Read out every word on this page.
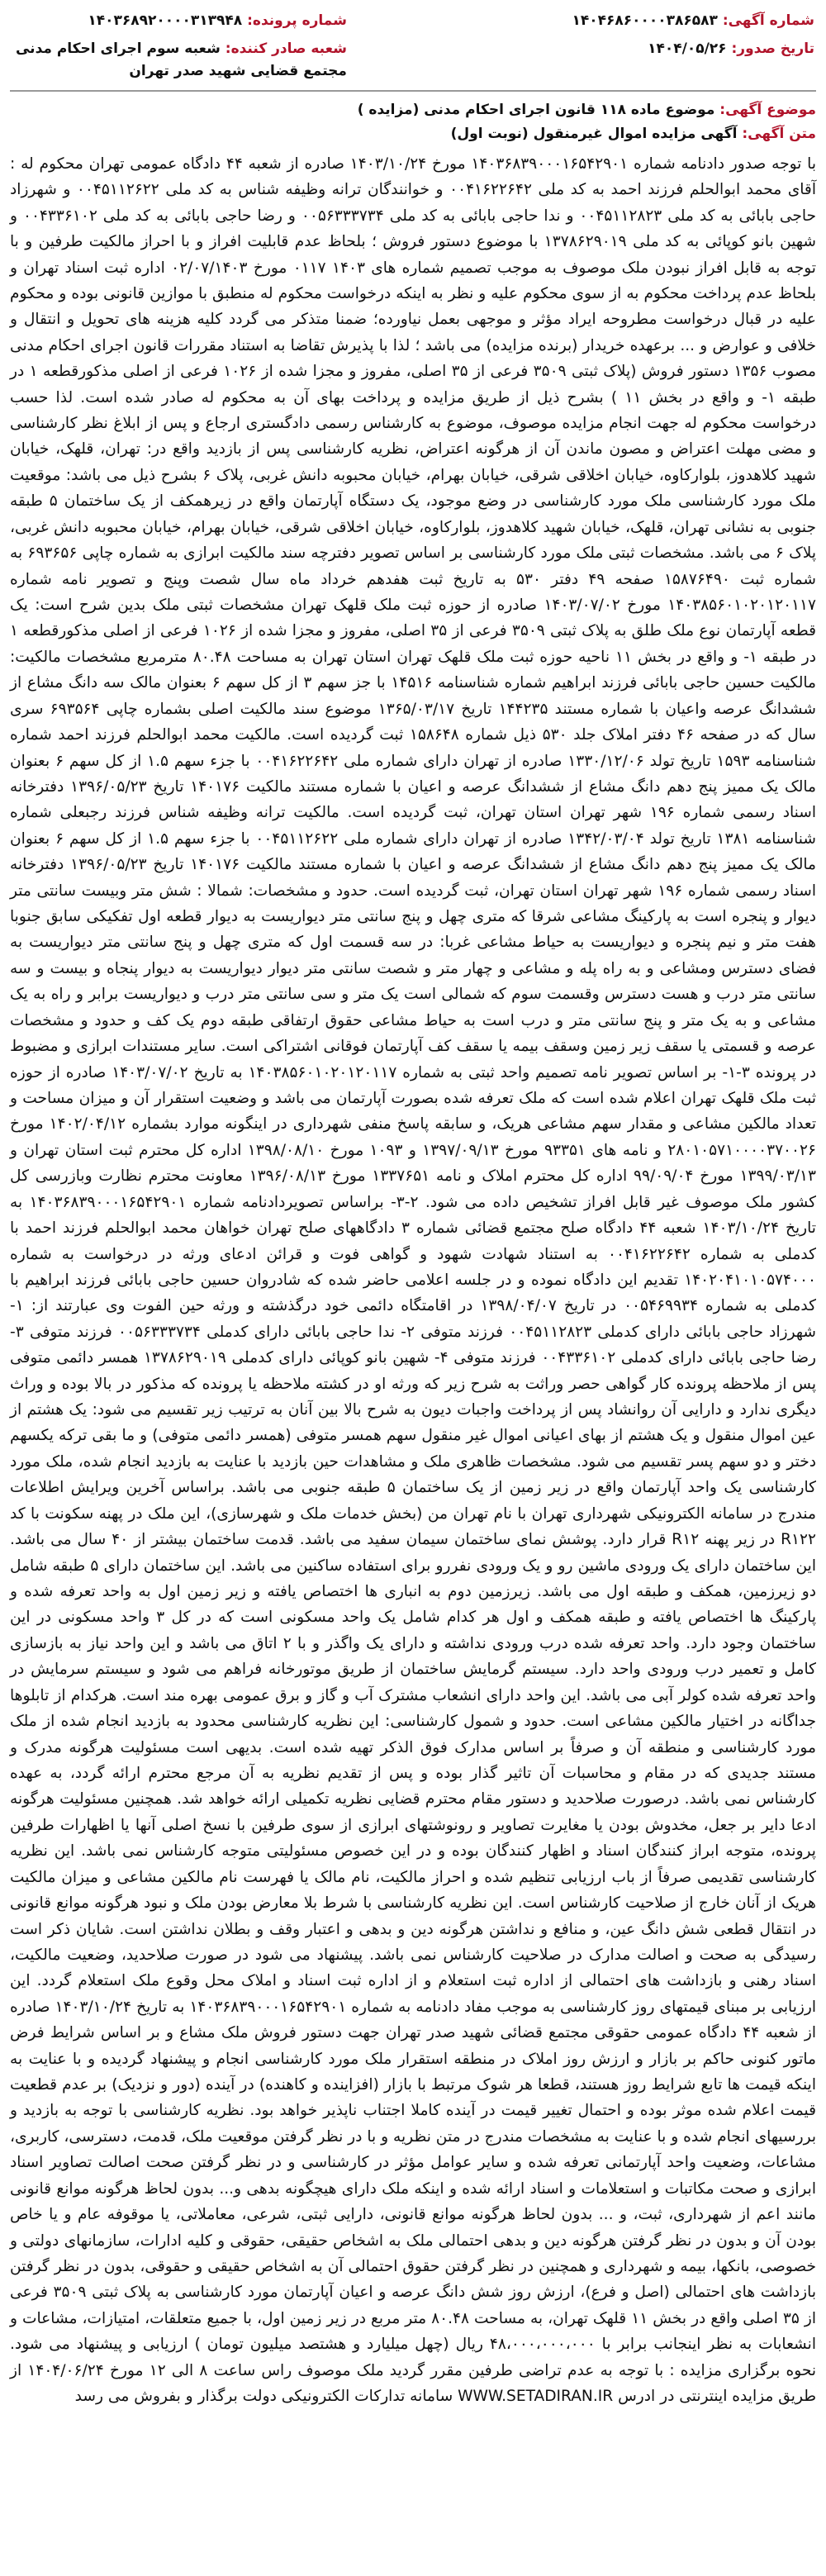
شماره آگهی: ۱۴۰۴۶۸۶۰۰۰۰۳۸۶۵۸۳	شماره پرونده: ۱۴۰۳۶۸۹۲۰۰۰۰۳۱۳۹۴۸
تاریخ صدور: ۱۴۰۴/۰۵/۲۶	شعبه صادر کننده: شعبه سوم اجرای احکام مدنی مجتمع قضایی شهید صدر تهران
موضوع آگهی: موضوع ماده ۱۱۸ قانون اجرای احکام مدنی (مزایده )
متن آگهی: آگهی مزایده اموال غیرمنقول (نوبت اول)
با توجه صدور دادنامه شماره ۱۴۰۳۶۸۳۹۰۰۰۱۶۵۴۲۹۰۱ مورخ ۱۴۰۳/۱۰/۲۴ صادره از شعبه ۴۴ دادگاه عمومی تهران محکوم له : آقای محمد ابوالحلم فرزند احمد به کد ملی ۰۰۴۱۶۲۲۶۴۲ و خوانندگان ترانه وظیفه شناس به کد ملی ۰۰۴۵۱۱۲۶۲۲ و شهرزاد حاجی بابائی به کد ملی ۰۰۴۵۱۱۲۸۲۳ و ندا حاجی بابائی به کد ملی ۰۰۵۶۳۳۳۷۳۴ و رضا حاجی بابائی به کد ملی ۰۰۴۳۳۶۱۰۲ و شهین بانو کوپائی به کد ملی ۱۳۷۸۶۲۹۰۱۹ با موضوع دستور فروش ؛ بلحاظ عدم قابلیت افراز و با احراز مالکیت طرفین و با توجه به قابل افراز نبودن ملک موصوف به موجب تصمیم شماره های ۱۴۰۳ ۰۱۱۷ مورخ ۰۲/۰۷/۱۴۰۳ اداره ثبت اسناد تهران و بلحاظ عدم پرداخت محکوم به از سوی محکوم علیه و نظر به اینکه درخواست محکوم له منطبق با موازین قانونی بوده و محکوم علیه در قبال درخواست مطروحه ایراد مؤثر و موجهی بعمل نیاورده؛ ضمنا متذکر می گردد کلیه هزینه های تحویل و انتقال و خلافی و عوارض و ... برعهده خریدار (برنده مزایده) می باشد ؛ لذا با پذیرش تقاضا به استناد مقررات قانون اجرای احکام مدنی مصوب ۱۳۵۶ دستور فروش (پلاک ثبتی ۳۵۰۹ فرعی از ۳۵ اصلی، مفروز و مجزا شده از ۱۰۲۶ فرعی از اصلی مذکورقطعه ۱ در طبقه ۱- و واقع در بخش ۱۱ ) بشرح ذیل از طریق مزایده و پرداخت بهای آن به محکوم له صادر شده است. لذا حسب درخواست محکوم له جهت انجام مزایده موصوف، موضوع به کارشناس رسمی دادگستری ارجاع و پس از ابلاغ نظر کارشناسی و مضی مهلت اعتراض و مصون ماندن آن از هرگونه اعتراض، نظریه کارشناسی پس از بازدید واقع در: تهران، قلهک، خیابان شهید کلاهدوز، بلوارکاوه، خیابان اخلاقی شرقی، خیابان بهرام، خیابان محبوبه دانش غربی، پلاک ۶ بشرح ذیل می باشد: موقعیت ملک مورد کارشناسی ملک مورد کارشناسی در وضع موجود، یک دستگاه آپارتمان واقع در زیرهمکف از یک ساختمان ۵ طبقه جنوبی به نشانی تهران، قلهک، خیابان شهید کلاهدوز، بلوارکاوه، خیابان اخلاقی شرقی، خیابان بهرام، خیابان محبوبه دانش غربی، پلاک ۶ می باشد. مشخصات ثبتی ملک مورد کارشناسی بر اساس تصویر دفترچه سند مالکیت ابرازی به شماره چاپی ۶۹۳۶۵۶ به شماره ثبت ۱۵۸۷۶۴۹۰ صفحه ۴۹ دفتر ۵۳۰ به تاریخ ثبت هفدهم خرداد ماه سال شصت وپنج و تصویر نامه شماره ۱۴۰۳۸۵۶۰۱۰۲۰۱۲۰۱۱۷ مورخ ۱۴۰۳/۰۷/۰۲ صادره از حوزه ثبت ملک قلهک تهران مشخصات ثبتی ملک بدین شرح است: یک قطعه آپارتمان نوع ملک طلق به پلاک ثبتی ۳۵۰۹ فرعی از ۳۵ اصلی، مفروز و مجزا شده از ۱۰۲۶ فرعی از اصلی مذکورقطعه ۱ در طبقه ۱- و واقع در بخش ۱۱ ناحیه حوزه ثبت ملک قلهک تهران استان تهران به مساحت ۸۰.۴۸ مترمربع مشخصات مالکیت: مالکیت حسین حاجی بابائی فرزند ابراهیم شماره شناسنامه ۱۴۵۱۶ با جز سهم ۳ از کل سهم ۶ بعنوان مالک سه دانگ مشاع از ششدانگ عرصه واعیان با شماره مستند ۱۴۴۲۳۵ تاریخ ۱۳۶۵/۰۳/۱۷ موضوع سند مالکیت اصلی بشماره چاپی ۶۹۳۵۶۴ سری سال که در صفحه ۴۶ دفتر املاک جلد ۵۳۰ ذیل شماره ۱۵۸۶۴۸ ثبت گردیده است. مالکیت محمد ابوالحلم فرزند احمد شماره شناسنامه ۱۵۹۳ تاریخ تولد ۱۳۳۰/۱۲/۰۶ صادره از تهران دارای شماره ملی ۰۰۴۱۶۲۲۶۴۲ با جزء سهم ۱.۵ از کل سهم ۶ بعنوان مالک یک ممیز پنج دهم دانگ مشاع از ششدانگ عرصه و اعیان با شماره مستند مالکیت ۱۴۰۱۷۶ تاریخ ۱۳۹۶/۰۵/۲۳ دفترخانه اسناد رسمی شماره ۱۹۶ شهر تهران استان تهران، ثبت گردیده است. مالکیت ترانه وظیفه شناس فرزند رجبعلی شماره شناسنامه ۱۳۸۱ تاریخ تولد ۱۳۴۲/۰۳/۰۴ صادره از تهران دارای شماره ملی ۰۰۴۵۱۱۲۶۲۲ با جزء سهم ۱.۵ از کل سهم ۶ بعنوان مالک یک ممیز پنج دهم دانگ مشاع از ششدانگ عرصه و اعیان با شماره مستند مالکیت ۱۴۰۱۷۶ تاریخ ۱۳۹۶/۰۵/۲۳ دفترخانه اسناد رسمی شماره ۱۹۶ شهر تهران استان تهران، ثبت گردیده است. حدود و مشخصات: شمالا : شش متر وبیست سانتی متر دیوار و پنجره است به پارکینگ مشاعی شرقا که متری چهل و پنج سانتی متر دیواریست به دیوار قطعه اول تفکیکی سابق جنوبا هفت متر و نیم پنجره و دیواریست به حیاط مشاعی غربا: در سه قسمت اول که متری چهل و پنج سانتی متر دیواریست به فضای دسترس ومشاعی و به راه پله و مشاعی و چهار متر و شصت سانتی متر دیوار دیواریست به دیوار پنجاه و بیست و سه سانتی متر درب و هست دسترس وقسمت سوم که شمالی است یک متر و سی سانتی متر درب و دیواریست برابر و راه به یک مشاعی و به یک متر و پنج سانتی متر و درب است به حیاط مشاعی حقوق ارتفاقی طبقه دوم یک کف و حدود و مشخصات عرصه و قسمتی یا سقف زیر زمین وسقف بیمه یا سقف کف آپارتمان فوقانی اشتراکی است. سایر مستندات ابرازی و مضبوط در پرونده ۳-۱- بر اساس تصویر نامه تصمیم واحد ثبتی به شماره ۱۴۰۳۸۵۶۰۱۰۲۰۱۲۰۱۱۷ به تاریخ ۱۴۰۳/۰۷/۰۲ صادره از حوزه ثبت ملک قلهک تهران اعلام شده است که ملک تعرفه شده بصورت آپارتمان می باشد و وضعیت استقرار آن و میزان مساحت و تعداد مالکین مشاعی و مقدار سهم مشاعی هریک، و سابقه پاسخ منفی شهرداری در اینگونه موارد بشماره ۱۴۰۲/۰۴/۱۲ مورخ ۲۸۰۱۰۵۷۱۰۰۰۰۳۷۰۰۲۶ و نامه های ۹۳۳۵۱ مورخ ۱۳۹۷/۰۹/۱۳ و ۱۰۹۳ مورخ ۱۳۹۸/۰۸/۱۰ اداره کل محترم ثبت استان تهران و ۱۳۹۹/۰۳/۱۳ مورخ ۹۹/۰۹/۰۴ اداره کل محترم املاک و نامه ۱۳۳۷۶۵۱ مورخ ۱۳۹۶/۰۸/۱۳ معاونت محترم نظارت وبازرسی کل کشور ملک موصوف غیر قابل افراز تشخیص داده می شود. ۲-۳- براساس تصویردادنامه شماره ۱۴۰۳۶۸۳۹۰۰۰۱۶۵۴۲۹۰۱ به تاریخ ۱۴۰۳/۱۰/۲۴ شعبه ۴۴ دادگاه صلح مجتمع قضائی شماره ۳ دادگاههای صلح تهران خواهان محمد ابوالحلم فرزند احمد با کدملی به شماره ۰۰۴۱۶۲۲۶۴۲ به استناد شهادت شهود و گواهی فوت و قرائن ادعای ورثه در درخواست به شماره ۱۴۰۲۰۴۱۰۱۰۵۷۴۰۰۰ تقدیم این دادگاه نموده و در جلسه اعلامی حاضر شده که شادروان حسین حاجی بابائی فرزند ابراهیم با کدملی به شماره ۰۰۵۴۶۹۹۳۴ در تاریخ ۱۳۹۸/۰۴/۰۷ در اقامتگاه دائمی خود درگذشته و ورثه حین الفوت وی عبارتند از: ۱- شهرزاد حاجی بابائی دارای کدملی ۰۰۴۵۱۱۲۸۲۳ فرزند متوفی ۲- ندا حاجی بابائی دارای کدملی ۰۰۵۶۳۳۳۷۳۴ فرزند متوفی ۳- رضا حاجی بابائی دارای کدملی ۰۰۴۳۳۶۱۰۲ فرزند متوفی ۴- شهین بانو کوپائی دارای کدملی ۱۳۷۸۶۲۹۰۱۹ همسر دائمی متوفی پس از ملاحظه پرونده کار گواهی حصر وراثت به شرح زیر که ورثه او در کشته ملاحظه یا پرونده که مذکور در بالا بوده و وراث دیگری ندارد و دارایی آن روانشاد پس از پرداخت واجبات دیون به شرح بالا بین آنان به ترتیب زیر تقسیم می شود: یک هشتم از عین اموال منقول و یک هشتم از بهای اعیانی اموال غیر منقول سهم همسر متوفی (همسر دائمی متوفی) و ما بقی ترکه یکسهم دختر و دو سهم پسر تقسیم می شود. مشخصات ظاهری ملک و مشاهدات حین بازدید با عنایت به بازدید انجام شده، ملک مورد کارشناسی یک واحد آپارتمان واقع در زیر زمین از یک ساختمان ۵ طبقه جنوبی می باشد. براساس آخرین ویرایش اطلاعات مندرج در سامانه الکترونیکی شهرداری تهران با نام تهران من (بخش خدمات ملک و شهرسازی)، این ملک در پهنه سکونت با کد R۱۲۲ در زیر پهنه R۱۲ قرار دارد. پوشش نمای ساختمان سیمان سفید می باشد. قدمت ساختمان بیشتر از ۴۰ سال می باشد. این ساختمان دارای یک ورودی ماشین رو و یک ورودی نفررو برای استفاده ساکنین می باشد. این ساختمان دارای ۵ طبقه شامل دو زیرزمین، همکف و طبقه اول می باشد. زیرزمین دوم به انباری ها اختصاص یافته و زیر زمین اول به واحد تعرفه شده و پارکینگ ها اختصاص یافته و طبقه همکف و اول هر کدام شامل یک واحد مسکونی است که در کل ۳ واحد مسکونی در این ساختمان وجود دارد. واحد تعرفه شده درب ورودی نداشته و دارای یک واگذر و با ۲ اتاق می باشد و این واحد نیاز به بازسازی کامل و تعمیر درب ورودی واحد دارد. سیستم گرمایش ساختمان از طریق موتورخانه فراهم می شود و سیستم سرمایش در واحد تعرفه شده کولر آبی می باشد. این واحد دارای انشعاب مشترک آب و گاز و برق عمومی بهره مند است. هرکدام از تابلوها جداگانه در اختیار مالکین مشاعی است. حدود و شمول کارشناسی: این نظریه کارشناسی محدود به بازدید انجام شده از ملک مورد کارشناسی و منطقه آن و صرفاً بر اساس مدارک فوق الذکر تهیه شده است. بدیهی است مسئولیت هرگونه مدرک و مستند جدیدی که در مقام و محاسبات آن تاثیر گذار بوده و پس از تقدیم نظریه به آن مرجع محترم ارائه گردد، به عهده کارشناس نمی باشد. درصورت صلاحدید و دستور مقام محترم قضایی نظریه تکمیلی ارائه خواهد شد. همچنین مسئولیت هرگونه ادعا دایر بر جعل، مخدوش بودن یا مغایرت تصاویر و رونوشتهای ابرازی از سوی طرفین با نسخ اصلی آنها یا اظهارات طرفین پرونده، متوجه ابراز کنندگان اسناد و اظهار کنندگان بوده و در این خصوص مسئولیتی متوجه کارشناس نمی باشد. این نظریه کارشناسی تقدیمی صرفاً از باب ارزیابی تنظیم شده و احراز مالکیت، نام مالک یا فهرست نام مالکین مشاعی و میزان مالکیت هریک از آنان خارج از صلاحیت کارشناس است. این نظریه کارشناسی با شرط بلا معارض بودن ملک و نبود هرگونه موانع قانونی در انتقال قطعی شش دانگ عین، و منافع و نداشتن هرگونه دین و بدهی و اعتبار وقف و بطلان نداشتن است. شایان ذکر است رسیدگی به صحت و اصالت مدارک در صلاحیت کارشناس نمی باشد. پیشنهاد می شود در صورت صلاحدید، وضعیت مالکیت، اسناد رهنی و بازداشت های احتمالی از اداره ثبت استعلام و از اداره ثبت اسناد و املاک محل وقوع ملک استعلام گردد. این ارزیابی بر مبنای قیمتهای روز کارشناسی به موجب مفاد دادنامه به شماره ۱۴۰۳۶۸۳۹۰۰۰۱۶۵۴۲۹۰۱ به تاریخ ۱۴۰۳/۱۰/۲۴ صادره از شعبه ۴۴ دادگاه عمومی حقوقی مجتمع قضائی شهید صدر تهران جهت دستور فروش ملک مشاع و بر اساس شرایط فرض ماتور کنونی حاکم بر بازار و ارزش روز املاک در منطقه استقرار ملک مورد کارشناسی انجام و پیشنهاد گردیده و با عنایت به اینکه قیمت ها تابع شرایط روز هستند، قطعا هر شوک مرتبط با بازار (افزاینده و کاهنده) در آینده (دور و نزدیک) بر عدم قطعیت قیمت اعلام شده موثر بوده و احتمال تغییر قیمت در آینده کاملا اجتناب ناپذیر خواهد بود. نظریه کارشناسی با توجه به بازدید و بررسیهای انجام شده و با عنایت به مشخصات مندرج در متن نظریه و با در نظر گرفتن موقعیت ملک، قدمت، دسترسی، کاربری، مشاعات، وضعیت واحد آپارتمانی تعرفه شده و سایر عوامل مؤثر در کارشناسی و در نظر گرفتن صحت اصالت تصاویر اسناد ابرازی و صحت مکاتبات و استعلامات و اسناد ارائه شده و اینکه ملک دارای هیچگونه بدهی و... بدون لحاظ هرگونه موانع قانونی مانند اعم از شهرداری، ثبت، و ... بدون لحاظ هرگونه موانع قانونی، دارایی ثبتی، شرعی، معاملاتی، یا موقوفه عام و یا خاص بودن آن و بدون در نظر گرفتن هرگونه دین و بدهی احتمالی ملک به اشخاص حقیقی، حقوقی و کلیه ادارات، سازمانهای دولتی و خصوصی، بانکها، بیمه و شهرداری و همچنین در نظر گرفتن حقوق احتمالی آن به اشخاص حقیقی و حقوقی، بدون در نظر گرفتن بازداشت های احتمالی (اصل و فرع)، ارزش روز شش دانگ عرصه و اعیان آپارتمان مورد کارشناسی به پلاک ثبتی ۳۵۰۹ فرعی از ۳۵ اصلی واقع در بخش ۱۱ قلهک تهران، به مساحت ۸۰.۴۸ متر مربع در زیر زمین اول، با جمیع متعلقات، امتیازات، مشاعات و انشعابات به نظر اینجانب برابر با ۴۸،۰۰۰،۰۰۰،۰۰۰ ریال (چهل میلیارد و هشتصد میلیون تومان ) ارزیابی و پیشنهاد می شود. نحوه برگزاری مزایده : با توجه به عدم تراضی طرفین مقرر گردید ملک موصوف راس ساعت ۸ الی ۱۲ مورخ ۱۴۰۴/۰۶/۲۴ از طریق مزایده اینترنتی در ادرس WWW.SETADIRAN.IR سامانه تدارکات الکترونیکی دولت برگذار و بفروش می رسد
